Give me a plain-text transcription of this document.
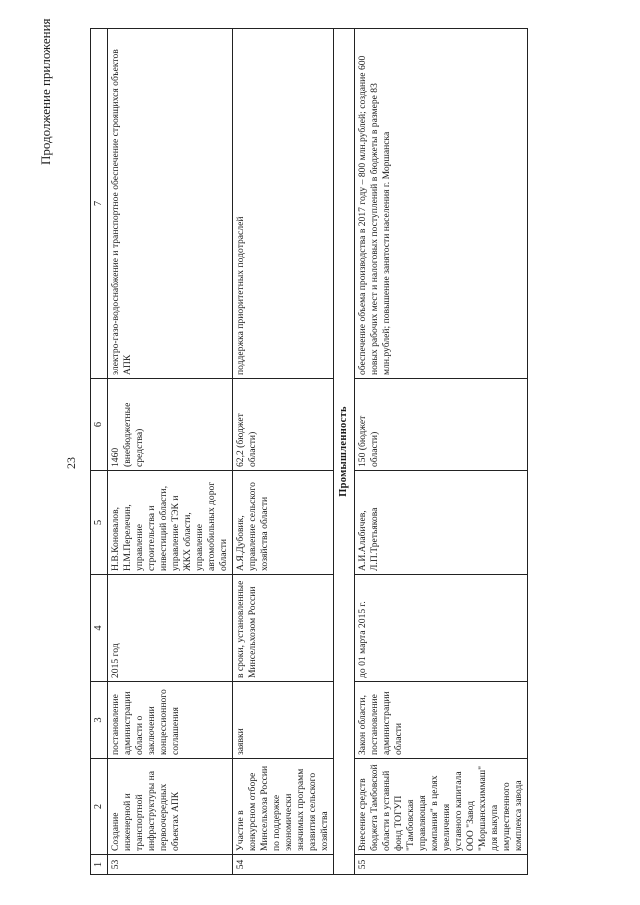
Продолжение приложения
23
1	2	3	4	5	6	7
53	Создание инженерной и транспортной инфраструктуры на первоочередных объектах АПК	постановление администрации области о заключении концессионного соглашения	2015 год	Н.В.Коновалов, Н.М.Перелечин, управление строительства и инвестиций области, управление ТЭК и ЖКХ области, управление автомобильных дорог области	1460 (внебюджетные средства)	электро-газо-водоснабжение и транспортное обеспечение строящихся объектов АПК
54	Участие в конкурсном отборе Минсельхоза России по поддержке экономически значимых программ развития сельского хозяйства	заявки	в сроки, установленные Минсельхозом России	А.Я.Дубовик, управление сельского хозяйства области	62,2 (бюджет области)	поддержка приоритетных подотраслей
Промышленность						
55	Внесение средств бюджета Тамбовской области в уставный фонд ТОГУП "Тамбовская управляющая компания" в целях увеличения уставного капитала ООО "Завод "Моршанскхиммаш" для выкупа имущественного комплекса завода	Закон области, постановление администрации области	до 01 марта 2015 г.	А.И.Алабичев, Л.П.Третьякова	150 (бюджет области)	обеспечение объема производства в 2017 году – 800 млн.рублей; создание 600 новых рабочих мест и налоговых поступлений в бюджеты в размере 83 млн.рублей; повышение занятости населения г. Моршанска
